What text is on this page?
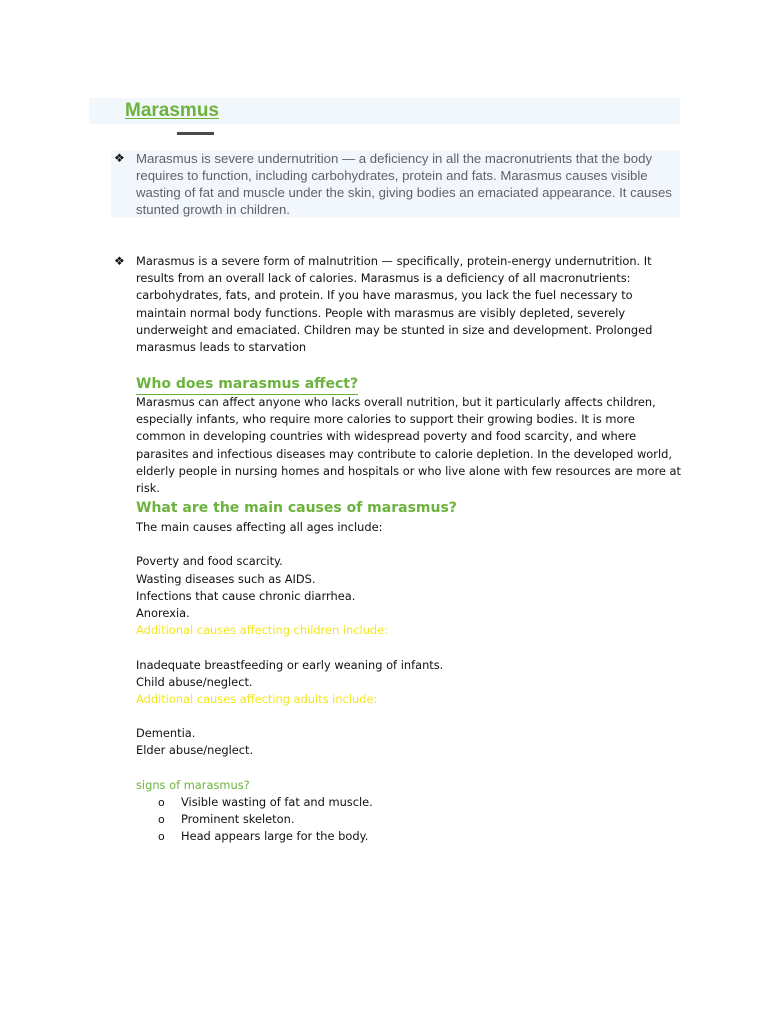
Marasmus
❖ Marasmus is severe undernutrition — a deficiency in all the macronutrients that the body requires to function, including carbohydrates, protein and fats. Marasmus causes visible wasting of fat and muscle under the skin, giving bodies an emaciated appearance. It causes stunted growth in children.

❖ Marasmus is a severe form of malnutrition — specifically, protein-energy undernutrition. It results from an overall lack of calories. Marasmus is a deficiency of all macronutrients: carbohydrates, fats, and protein. If you have marasmus, you lack the fuel necessary to maintain normal body functions. People with marasmus are visibly depleted, severely underweight and emaciated. Children may be stunted in size and development. Prolonged marasmus leads to starvation

Who does marasmus affect?

Marasmus can affect anyone who lacks overall nutrition, but it particularly affects children, especially infants, who require more calories to support their growing bodies. It is more common in developing countries with widespread poverty and food scarcity, and where parasites and infectious diseases may contribute to calorie depletion. In the developed world, elderly people in nursing homes and hospitals or who live alone with few resources are more at risk.

What are the main causes of marasmus?
The main causes affecting all ages include:
Poverty and food scarcity.
Wasting diseases such as AIDS.
Infections that cause chronic diarrhea.
Anorexia.
Additional causes affecting children include:
Inadequate breastfeeding or early weaning of infants.
Child abuse/neglect.
Additional causes affecting adults include:
Dementia.
Elder abuse/neglect.
signs of marasmus?
o Visible wasting of fat and muscle.
o Prominent skeleton.
o Head appears large for the body.
